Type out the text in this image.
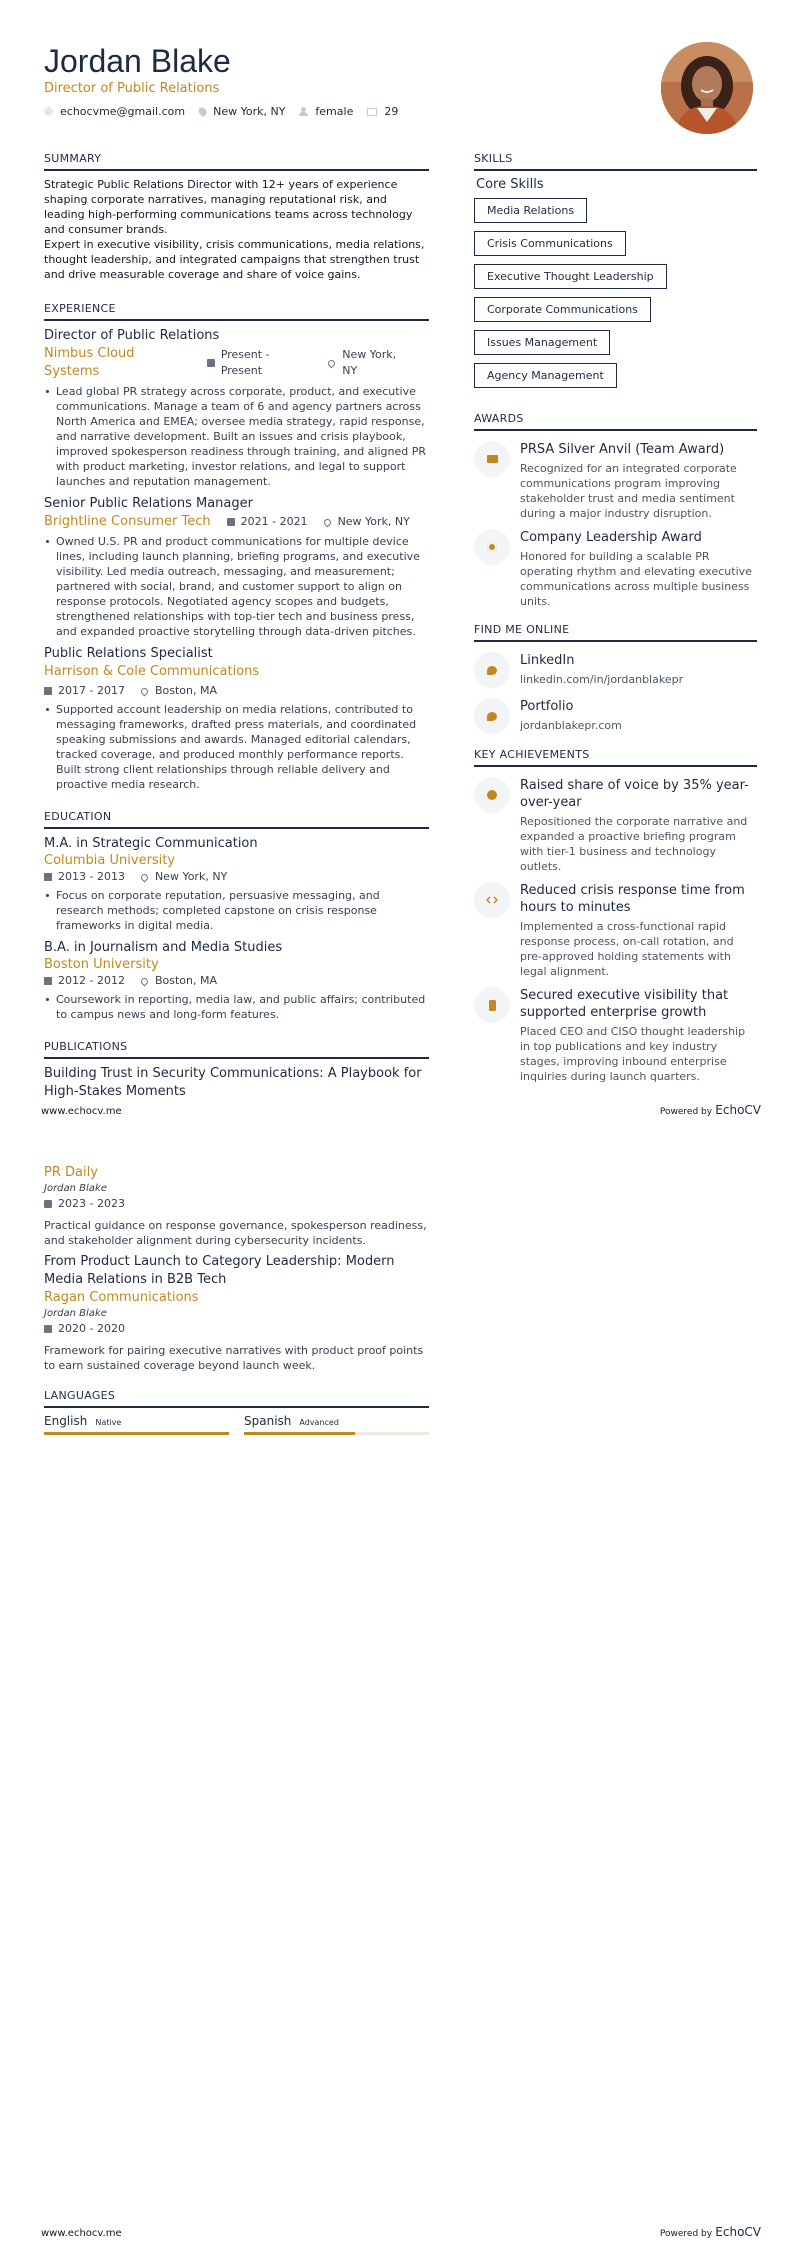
Jordan Blake
Director of Public Relations
echocvme@gmail.com	New York, NY	female	29
SUMMARY

Strategic Public Relations Director with 12+ years of experience shaping corporate narratives, managing reputational risk, and leading high-performing communications teams across technology and consumer brands.

Expert in executive visibility, crisis communications, media relations, thought leadership, and integrated campaigns that strengthen trust and drive measurable coverage and share of voice gains.

EXPERIENCE
Director of Public Relations
Nimbus Cloud Systems
Present - Present
New York, NY
Lead global PR strategy across corporate, product, and executive communications. Manage a team of 6 and agency partners across North America and EMEA; oversee media strategy, rapid response, and narrative development. Built an issues and crisis playbook, improved spokesperson readiness through training, and aligned PR with product marketing, investor relations, and legal to support launches and reputation management.
Senior Public Relations Manager
Brightline Consumer Tech	2021 - 2021	New York, NY
Owned U.S. PR and product communications for multiple device lines, including launch planning, briefing programs, and executive visibility. Led media outreach, messaging, and measurement; partnered with social, brand, and customer support to align on response protocols. Negotiated agency scopes and budgets, strengthened relationships with top-tier tech and business press, and expanded proactive storytelling through data-driven pitches.
Public Relations Specialist
Harrison & Cole Communications
2017 - 2017	Boston, MA
Supported account leadership on media relations, contributed to messaging frameworks, drafted press materials, and coordinated speaking submissions and awards. Managed editorial calendars, tracked coverage, and produced monthly performance reports. Built strong client relationships through reliable delivery and proactive media research.
EDUCATION
M.A. in Strategic Communication
Columbia University
2013 - 2013	New York, NY
Focus on corporate reputation, persuasive messaging, and research methods; completed capstone on crisis response frameworks in digital media.
B.A. in Journalism and Media Studies
Boston University
2012 - 2012	Boston, MA
Coursework in reporting, media law, and public affairs; contributed to campus news and long-form features.
PUBLICATIONS
Building Trust in Security Communications: A Playbook for High-Stakes Moments
SKILLS
Core Skills
Media Relations
Crisis Communications
Executive Thought Leadership
Corporate Communications
Issues Management
Agency Management
AWARDS
PRSA Silver Anvil (Team Award)
Recognized for an integrated corporate communications program improving stakeholder trust and media sentiment during a major industry disruption.
Company Leadership Award
Honored for building a scalable PR operating rhythm and elevating executive communications across multiple business units.
FIND ME ONLINE
LinkedIn
linkedin.com/in/jordanblakepr
Portfolio
jordanblakepr.com
KEY ACHIEVEMENTS
Raised share of voice by 35% year-over-year
Repositioned the corporate narrative and expanded a proactive briefing program with tier-1 business and technology outlets.
Reduced crisis response time from hours to minutes
Implemented a cross-functional rapid response process, on-call rotation, and pre-approved holding statements with legal alignment.
Secured executive visibility that supported enterprise growth
Placed CEO and CISO thought leadership in top publications and key industry stages, improving inbound enterprise inquiries during launch quarters.
www.echocv.me	Powered by EchoCV
PR Daily
Jordan Blake
2023 - 2023

Practical guidance on response governance, spokesperson readiness, and stakeholder alignment during cybersecurity incidents.

From Product Launch to Category Leadership: Modern Media Relations in B2B Tech
Ragan Communications
Jordan Blake
2020 - 2020

Framework for pairing executive narratives with product proof points to earn sustained coverage beyond launch week.

LANGUAGES
English Native	Spanish Advanced
www.echocv.me	Powered by EchoCV
